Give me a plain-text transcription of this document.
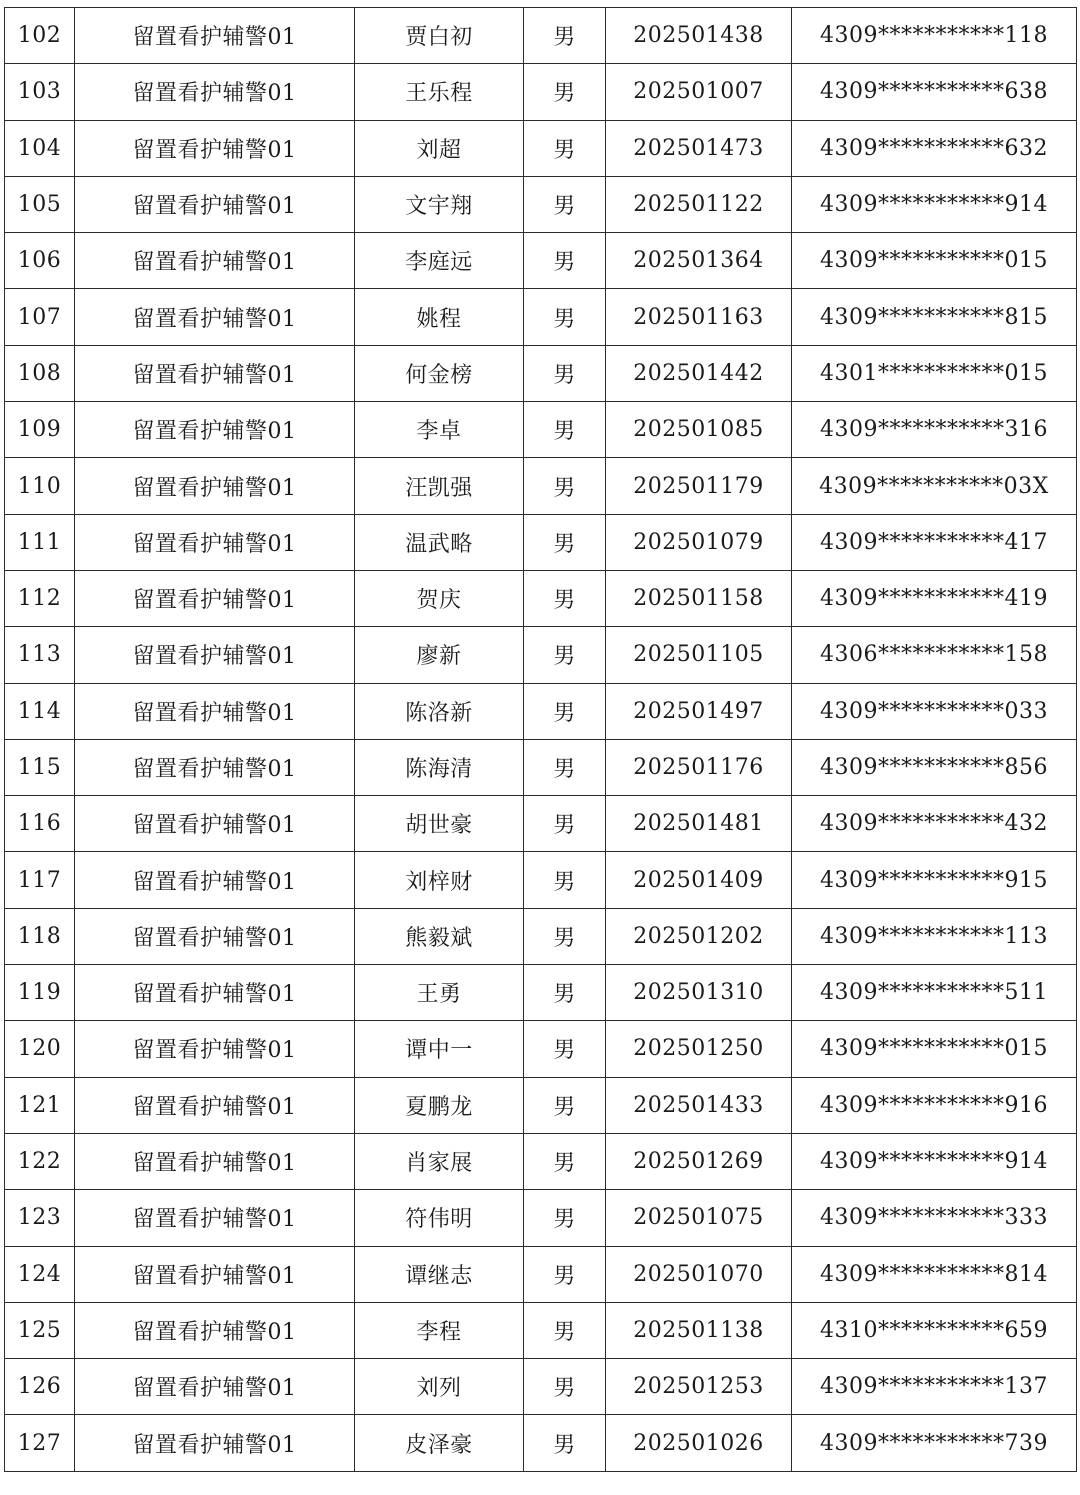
102	留置看护辅警01	贾白初	男	202501438	4309***********118
103	留置看护辅警01	王乐程	男	202501007	4309***********638
104	留置看护辅警01	刘超	男	202501473	4309***********632
105	留置看护辅警01	文宇翔	男	202501122	4309***********914
106	留置看护辅警01	李庭远	男	202501364	4309***********015
107	留置看护辅警01	姚程	男	202501163	4309***********815
108	留置看护辅警01	何金榜	男	202501442	4301***********015
109	留置看护辅警01	李卓	男	202501085	4309***********316
110	留置看护辅警01	汪凯强	男	202501179	4309***********03X
111	留置看护辅警01	温武略	男	202501079	4309***********417
112	留置看护辅警01	贺庆	男	202501158	4309***********419
113	留置看护辅警01	廖新	男	202501105	4306***********158
114	留置看护辅警01	陈洛新	男	202501497	4309***********033
115	留置看护辅警01	陈海清	男	202501176	4309***********856
116	留置看护辅警01	胡世豪	男	202501481	4309***********432
117	留置看护辅警01	刘梓财	男	202501409	4309***********915
118	留置看护辅警01	熊毅斌	男	202501202	4309***********113
119	留置看护辅警01	王勇	男	202501310	4309***********511
120	留置看护辅警01	谭中一	男	202501250	4309***********015
121	留置看护辅警01	夏鹏龙	男	202501433	4309***********916
122	留置看护辅警01	肖家展	男	202501269	4309***********914
123	留置看护辅警01	符伟明	男	202501075	4309***********333
124	留置看护辅警01	谭继志	男	202501070	4309***********814
125	留置看护辅警01	李程	男	202501138	4310***********659
126	留置看护辅警01	刘列	男	202501253	4309***********137
127	留置看护辅警01	皮泽豪	男	202501026	4309***********739
